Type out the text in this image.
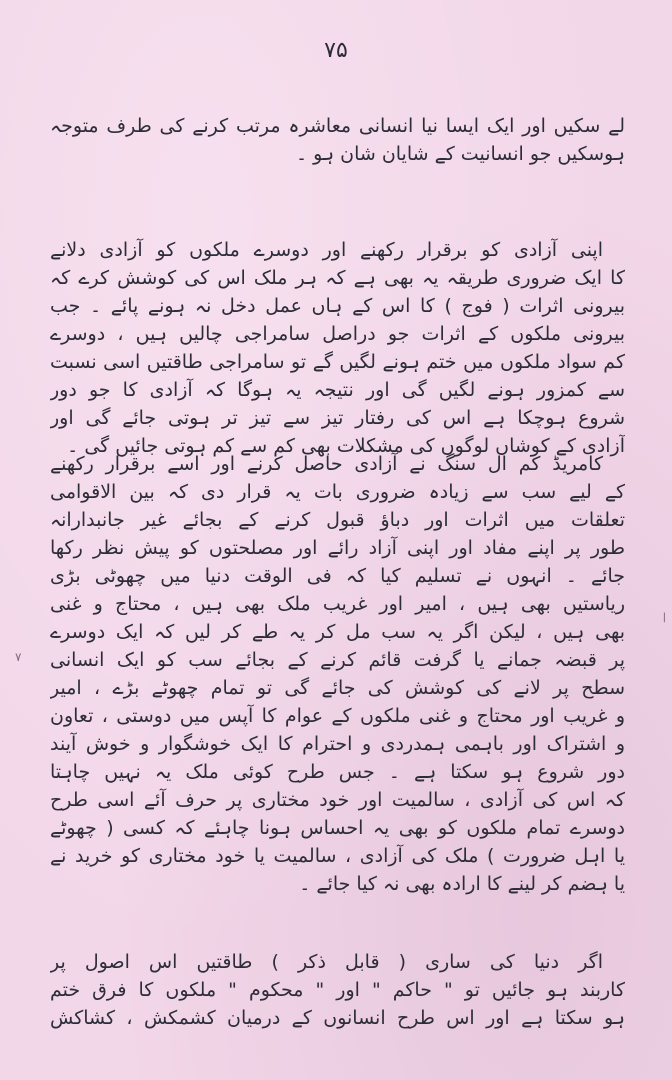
۷۵
|
٧
لے سکیں اور ایک ایسا نیا انسانی معاشرہ مرتب کرنے کی طرف متوجہ
ہوسکیں جو انسانیت کے شایان شان ہو ۔
اپنی آزادی کو برقرار رکھنے اور دوسرے ملکوں کو آزادی دلانے
کا ایک ضروری طریقہ یہ بھی ہے کہ ہر ملک اس کی کوشش کرے کہ
بیرونی اثرات ( فوج ) کا اس کے ہاں عمل دخل نہ ہونے پائے ۔ جب
بیرونی ملکوں کے اثرات جو دراصل سامراجی چالیں ہیں ، دوسرے
کم سواد ملکوں میں ختم ہونے لگیں گے تو سامراجی طاقتیں اسی نسبت
سے کمزور ہونے لگیں گی اور نتیجہ یہ ہوگا کہ آزادی کا جو دور
شروع ہوچکا ہے اس کی رفتار تیز سے تیز تر ہوتی جائے گی اور
آزادی کے کوشاں لوگوں کی مشکلات بھی کم سے کم ہوتی جائیں گی ۔
کامریڈ کم ال سنگ نے آزادی حاصل کرنے اور اسے برقرار رکھنے
کے لیے سب سے زیادہ ضروری بات یہ قرار دی کہ بین الاقوامی
تعلقات میں اثرات اور دباؤ قبول کرنے کے بجائے غیر جانبدارانہ
طور پر اپنے مفاد اور اپنی آزاد رائے اور مصلحتوں کو پیش نظر رکھا
جائے ۔ انہوں نے تسلیم کیا کہ فی الوقت دنیا میں چھوٹی بڑی
ریاستیں بھی ہیں ، امیر اور غریب ملک بھی ہیں ، محتاج و غنی
بھی ہیں ، لیکن اگر یہ سب مل کر یہ طے کر لیں کہ ایک دوسرے
پر قبضہ جمانے یا گرفت قائم کرنے کے بجائے سب کو ایک انسانی
سطح پر لانے کی کوشش کی جائے گی تو تمام چھوٹے بڑے ، امیر
و غریب اور محتاج و غنی ملکوں کے عوام کا آپس میں دوستی ، تعاون
و اشتراک اور باہمی ہمدردی و احترام کا ایک خوشگوار و خوش آیند
دور شروع ہو سکتا ہے ۔ جس طرح کوئی ملک یہ نہیں چاہتا
کہ اس کی آزادی ، سالمیت اور خود مختاری پر حرف آئے اسی طرح
دوسرے تمام ملکوں کو بھی یہ احساس ہونا چاہئے کہ کسی ( چھوٹے
یا اہل ضرورت ) ملک کی آزادی ، سالمیت یا خود مختاری کو خرید نے
یا ہضم کر لینے کا ارادہ بھی نہ کیا جائے ۔
اگر دنیا کی ساری ( قابل ذکر ) طاقتیں اس اصول پر
کاربند ہو جائیں تو " حاکم " اور " محکوم " ملکوں کا فرق ختم
ہو سکتا ہے اور اس طرح انسانوں کے درمیان کشمکش ، کشاکش
